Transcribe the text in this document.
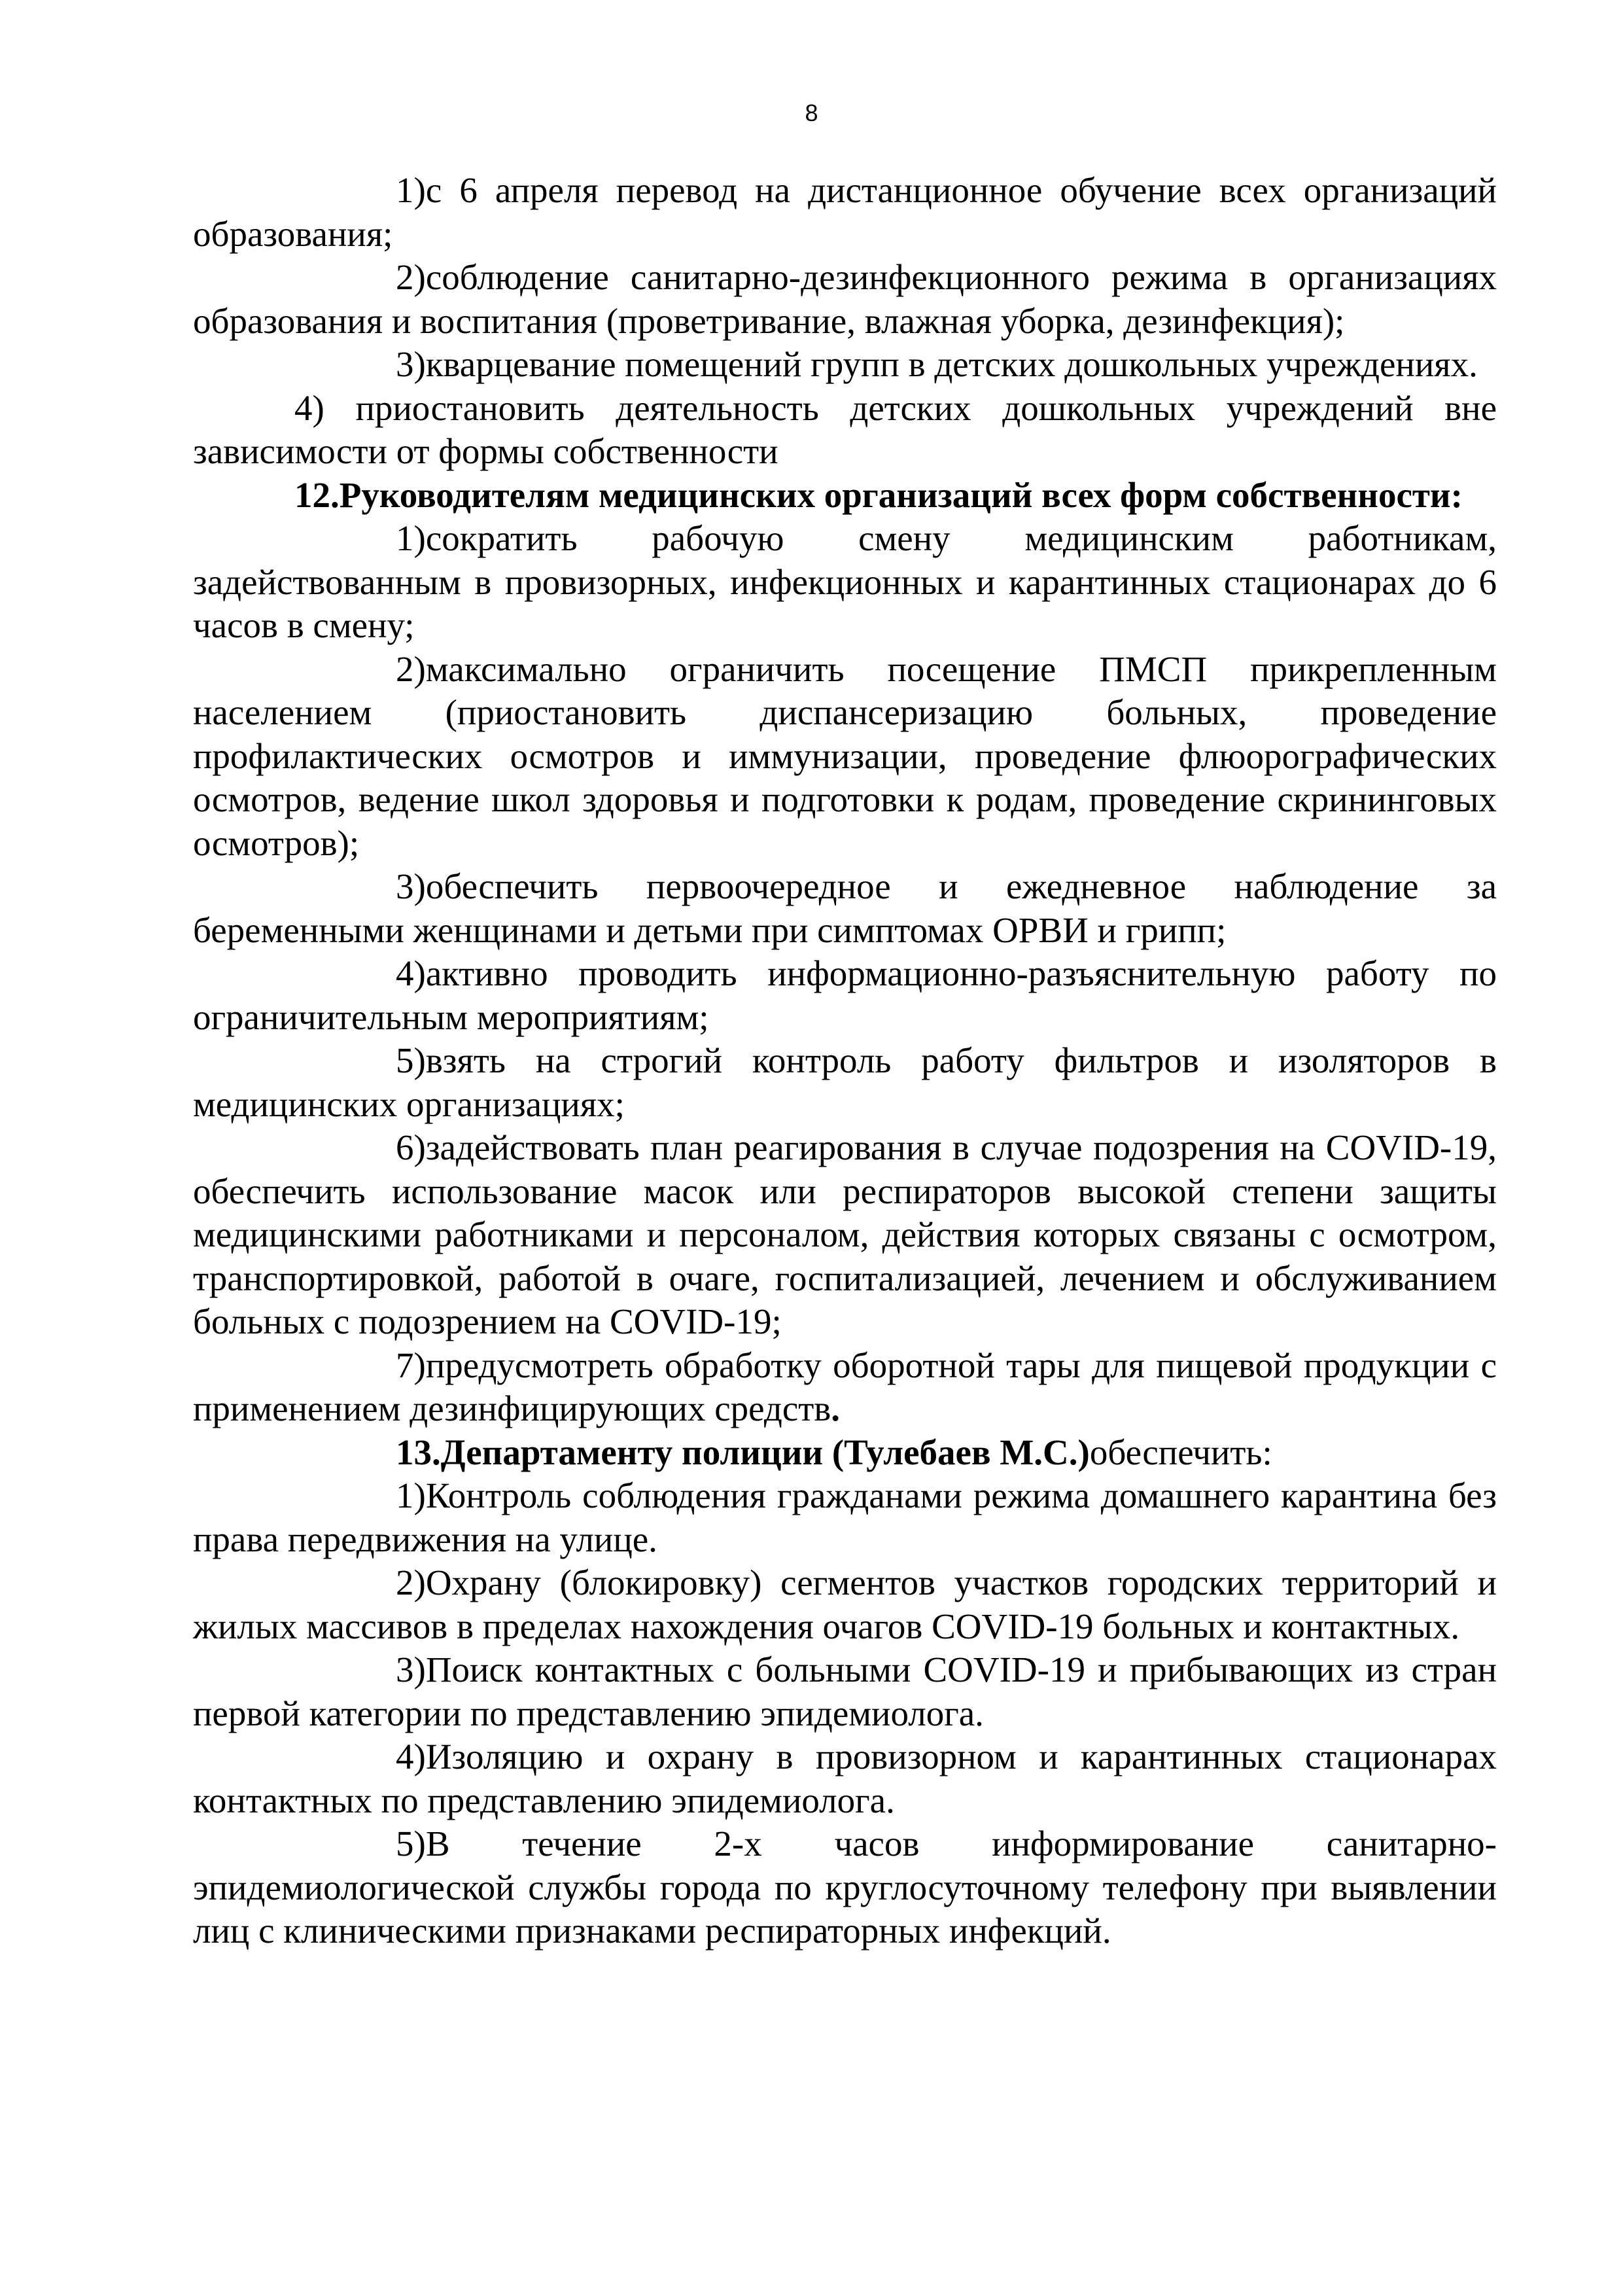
8

1)с 6 апреля перевод на дистанционное обучение всех организаций образования;

2)соблюдение санитарно-дезинфекционного режима в организациях образования и воспитания (проветривание, влажная уборка, дезинфекция);

3)кварцевание помещений групп в детских дошкольных учреждениях.

4) приостановить деятельность детских дошкольных учреждений вне зависимости от формы собственности

12.Руководителям медицинских организаций всех форм собственности:

1)сократить рабочую смену медицинским работникам, задействованным в провизорных, инфекционных и карантинных стационарах до 6 часов в смену;

2)максимально ограничить посещение ПМСП прикрепленным населением (приостановить диспансеризацию больных, проведение профилактических осмотров и иммунизации, проведение флюорографических осмотров, ведение школ здоровья и подготовки к родам, проведение скрининговых осмотров);

3)обеспечить первоочередное и ежедневное наблюдение за беременными женщинами и детьми при симптомах ОРВИ и грипп;

4)активно проводить информационно-разъяснительную работу по ограничительным мероприятиям;

5)взять на строгий контроль работу фильтров и изоляторов в медицинских организациях;

6)задействовать план реагирования в случае подозрения на COVID-19, обеспечить использование масок или респираторов высокой степени защиты медицинскими работниками и персоналом, действия которых связаны с осмотром, транспортировкой, работой в очаге, госпитализацией, лечением и обслуживанием больных с подозрением на COVID-19;

7)предусмотреть обработку оборотной тары для пищевой продукции с применением дезинфицирующих средств.

13.Департаменту полиции (Тулебаев М.С.)обеспечить:

1)Контроль соблюдения гражданами режима домашнего карантина без права передвижения на улице.

2)Охрану (блокировку) сегментов участков городских территорий и жилых массивов в пределах нахождения очагов COVID-19 больных и контактных.

3)Поиск контактных с больными COVID-19 и прибывающих из стран первой категории по представлению эпидемиолога.

4)Изоляцию и охрану в провизорном и карантинных стационарах контактных по представлению эпидемиолога.

5)В течение 2-х часов информирование санитарно-эпидемиологической службы города по круглосуточному телефону при выявлении лиц с клиническими признаками респираторных инфекций.
